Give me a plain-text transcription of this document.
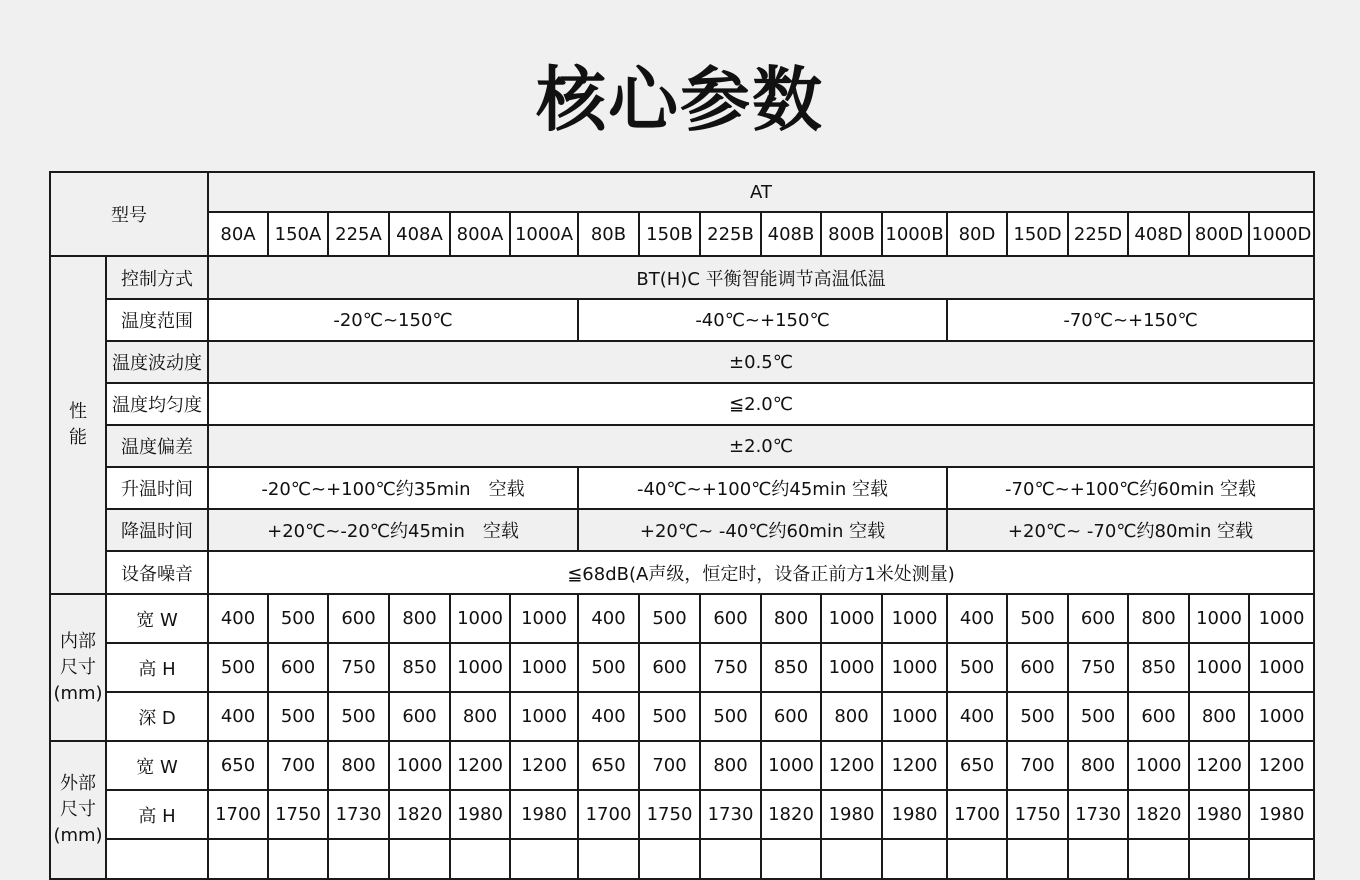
核心参数
型号		AT																	
		80A	150A	225A	408A	800A	1000A	80B	150B	225B	408B	800B	1000B	80D	150D	225D	408D	800D	1000D

性
能	控制方式	BT(H)C 平衡智能调节高温低温																	
	温度范围	-20℃~150℃						-40℃~+150℃						-70℃~+150℃					
	温度波动度	±0.5℃																	
	温度均匀度	≦2.0℃																	
	温度偏差	±2.0℃																	
	升温时间	-20℃~+100℃约35min　空载						-40℃~+100℃约45min 空载						-70℃~+100℃约60min 空载					
	降温时间	+20℃~-20℃约45min　空载						+20℃~ -40℃约60min 空载						+20℃~ -70℃约80min 空载					
	设备噪音	≦68dB(A声级，恒定时，设备正前方1米处测量)																	

内部
尺寸
(mm)	宽 W	400	500	600	800	1000	1000	400	500	600	800	1000	1000	400	500	600	800	1000	1000
	高 H	500	600	750	850	1000	1000	500	600	750	850	1000	1000	500	600	750	850	1000	1000
	深 D	400	500	500	600	800	1000	400	500	500	600	800	1000	400	500	500	600	800	1000

外部
尺寸
(mm)	宽 W	650	700	800	1000	1200	1200	650	700	800	1000	1200	1200	650	700	800	1000	1200	1200
	高 H	1700	1750	1730	1820	1980	1980	1700	1750	1730	1820	1980	1980	1700	1750	1730	1820	1980	1980
